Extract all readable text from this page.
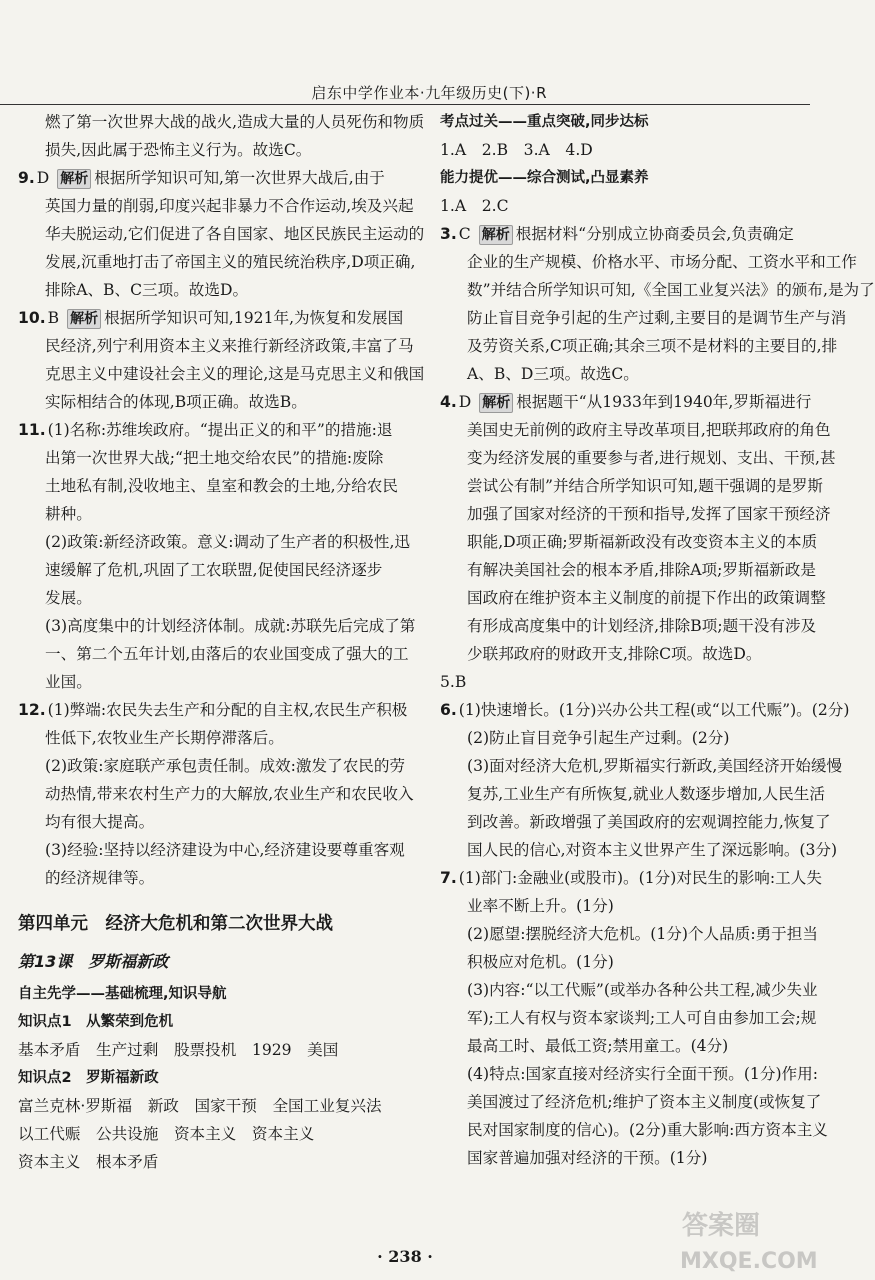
启东中学作业本·九年级历史(下)·R
燃了第一次世界大战的战火,造成大量的人员死伤和物质
损失,因此属于恐怖主义行为。故选C。
9. D 解析 根据所学知识可知,第一次世界大战后,由于
英国力量的削弱,印度兴起非暴力不合作运动,埃及兴起
华夫脱运动,它们促进了各自国家、地区民族民主运动的
发展,沉重地打击了帝国主义的殖民统治秩序,D项正确,
排除A、B、C三项。故选D。
10. B 解析 根据所学知识可知,1921年,为恢复和发展国
民经济,列宁利用资本主义来推行新经济政策,丰富了马
克思主义中建设社会主义的理论,这是马克思主义和俄国
实际相结合的体现,B项正确。故选B。
11. (1)名称:苏维埃政府。“提出正义的和平”的措施:退
出第一次世界大战;“把土地交给农民”的措施:废除
土地私有制,没收地主、皇室和教会的土地,分给农民
耕种。
(2)政策:新经济政策。意义:调动了生产者的积极性,迅
速缓解了危机,巩固了工农联盟,促使国民经济逐步
发展。
(3)高度集中的计划经济体制。成就:苏联先后完成了第
一、第二个五年计划,由落后的农业国变成了强大的工
业国。
12. (1)弊端:农民失去生产和分配的自主权,农民生产积极
性低下,农牧业生产长期停滞落后。
(2)政策:家庭联产承包责任制。成效:激发了农民的劳
动热情,带来农村生产力的大解放,农业生产和农民收入
均有很大提高。
(3)经验:坚持以经济建设为中心,经济建设要尊重客观
的经济规律等。
第四单元　经济大危机和第二次世界大战
第13课　罗斯福新政
自主先学——基础梳理,知识导航
知识点1　从繁荣到危机
基本矛盾　生产过剩　股票投机　1929　美国
知识点2　罗斯福新政
富兰克林·罗斯福　新政　国家干预　全国工业复兴法
以工代赈　公共设施　资本主义　资本主义
资本主义　根本矛盾
考点过关——重点突破,同步达标
1.A　2.B　3.A　4.D
能力提优——综合测试,凸显素养
1.A　2.C
3. C 解析 根据材料“分别成立协商委员会,负责确定
企业的生产规模、价格水平、市场分配、工资水平和工作
数”并结合所学知识可知,《全国工业复兴法》的颁布,是为了
防止盲目竞争引起的生产过剩,主要目的是调节生产与消
及劳资关系,C项正确;其余三项不是材料的主要目的,排
A、B、D三项。故选C。
4. D 解析 根据题干“从1933年到1940年,罗斯福进行
美国史无前例的政府主导改革项目,把联邦政府的角色
变为经济发展的重要参与者,进行规划、支出、干预,甚
尝试公有制”并结合所学知识可知,题干强调的是罗斯
加强了国家对经济的干预和指导,发挥了国家干预经济
职能,D项正确;罗斯福新政没有改变资本主义的本质
有解决美国社会的根本矛盾,排除A项;罗斯福新政是
国政府在维护资本主义制度的前提下作出的政策调整
有形成高度集中的计划经济,排除B项;题干没有涉及
少联邦政府的财政开支,排除C项。故选D。
5.B
6. (1)快速增长。(1分)兴办公共工程(或“以工代赈”)。(2分)
(2)防止盲目竞争引起生产过剩。(2分)
(3)面对经济大危机,罗斯福实行新政,美国经济开始缓慢
复苏,工业生产有所恢复,就业人数逐步增加,人民生活
到改善。新政增强了美国政府的宏观调控能力,恢复了
国人民的信心,对资本主义世界产生了深远影响。(3分)
7. (1)部门:金融业(或股市)。(1分)对民生的影响:工人失
业率不断上升。(1分)
(2)愿望:摆脱经济大危机。(1分)个人品质:勇于担当
积极应对危机。(1分)
(3)内容:“以工代赈”(或举办各种公共工程,减少失业
军);工人有权与资本家谈判;工人可自由参加工会;规
最高工时、最低工资;禁用童工。(4分)
(4)特点:国家直接对经济实行全面干预。(1分)作用:
美国渡过了经济危机;维护了资本主义制度(或恢复了
民对国家制度的信心)。(2分)重大影响:西方资本主义
国家普遍加强对经济的干预。(1分)
· 238 ·
答案圈
MXQE.COM
